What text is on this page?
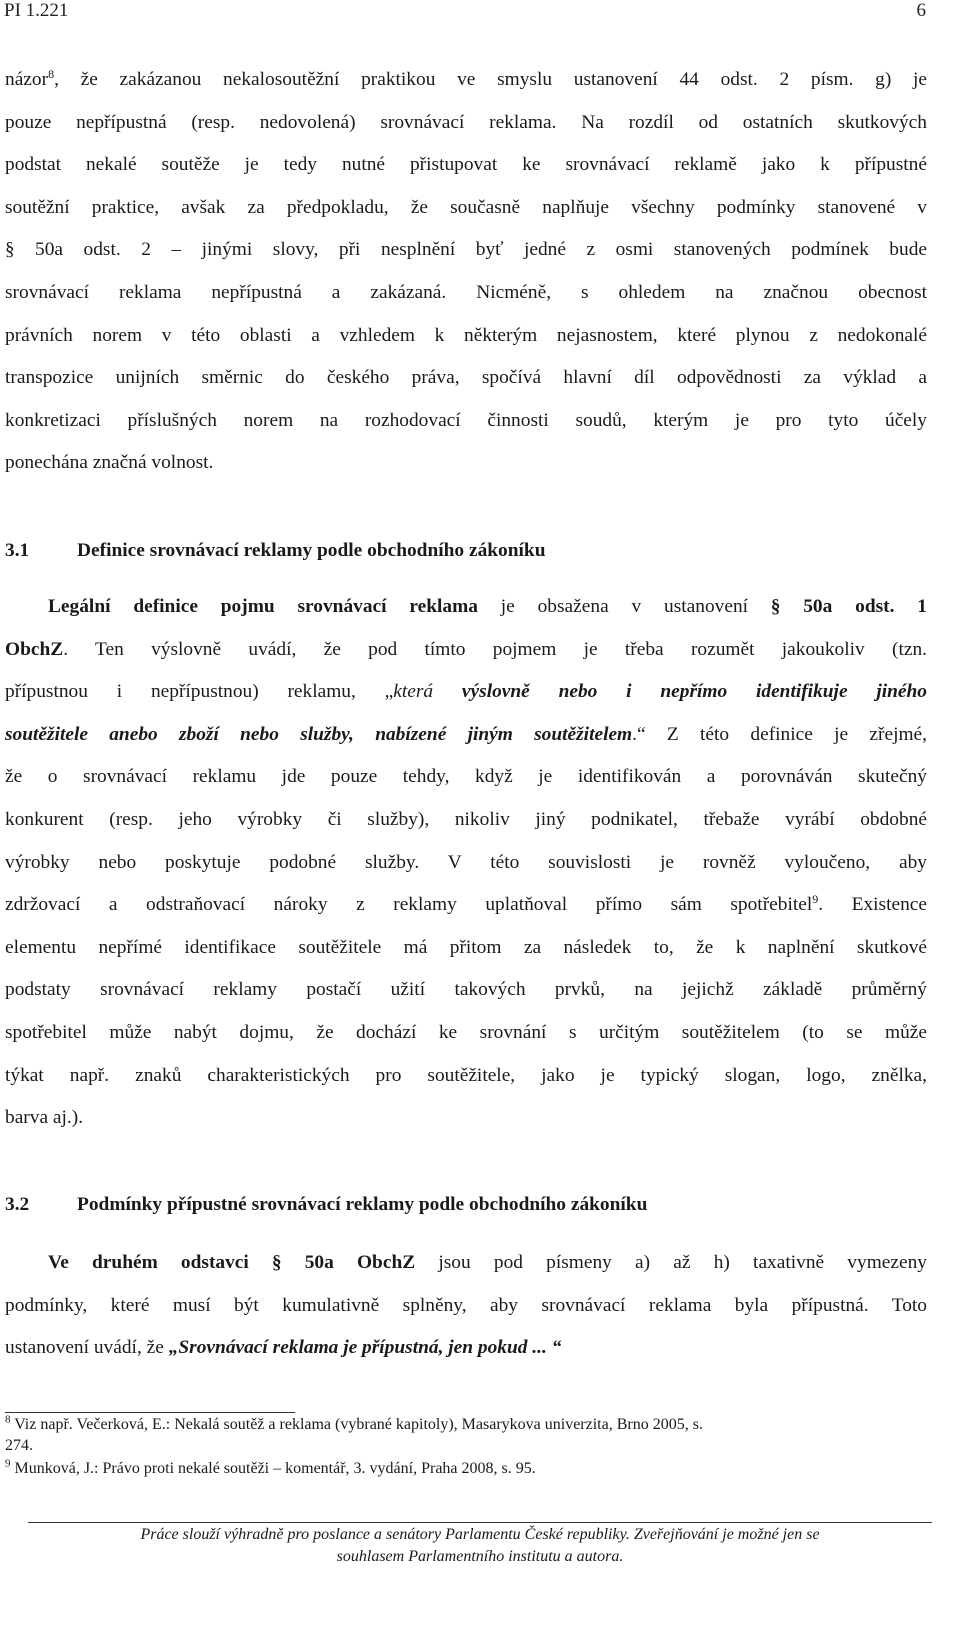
PI 1.221	6
názor$^8$, že zakázanou nekalosoutěžní praktikou ve smyslu ustanovení 44 odst. 2 písm. g) je
pouze nepřípustná (resp. nedovolená) srovnávací reklama. Na rozdíl od ostatních skutkových
podstat nekalé soutěže je tedy nutné přistupovat ke srovnávací reklamě jako k přípustné
soutěžní praktice, avšak za předpokladu, že současně naplňuje všechny podmínky stanovené v
§ 50a odst. 2 – jinými slovy, při nesplnění byť jedné z osmi stanovených podmínek bude
srovnávací reklama nepřípustná a zakázaná. Nicméně, s ohledem na značnou obecnost
právních norem v této oblasti a vzhledem k některým nejasnostem, které plynou z nedokonalé
transpozice unijních směrnic do českého práva, spočívá hlavní díl odpovědnosti za výklad a
konkretizaci příslušných norem na rozhodovací činnosti soudů, kterým je pro tyto účely
ponechána značná volnost.
3.1 Definice srovnávací reklamy podle obchodního zákoníku
Legální definice pojmu srovnávací reklama je obsažena v ustanovení § 50a odst. 1
ObchZ. Ten výslovně uvádí, že pod tímto pojmem je třeba rozumět jakoukoliv (tzn.
přípustnou i nepřípustnou) reklamu, „která výslovně nebo i nepřímo identifikuje jiného
soutěžitele anebo zboží nebo služby, nabízené jiným soutěžitelem.“ Z této definice je zřejmé,
že o srovnávací reklamu jde pouze tehdy, když je identifikován a porovnáván skutečný
konkurent (resp. jeho výrobky či služby), nikoliv jiný podnikatel, třebaže vyrábí obdobné
výrobky nebo poskytuje podobné služby. V této souvislosti je rovněž vyloučeno, aby
zdržovací a odstraňovací nároky z reklamy uplatňoval přímo sám spotřebitel$^9$. Existence
elementu nepřímé identifikace soutěžitele má přitom za následek to, že k naplnění skutkové
podstaty srovnávací reklamy postačí užití takových prvků, na jejichž základě průměrný
spotřebitel může nabýt dojmu, že dochází ke srovnání s určitým soutěžitelem (to se může
týkat např. znaků charakteristických pro soutěžitele, jako je typický slogan, logo, znělka,
barva aj.).
3.2 Podmínky přípustné srovnávací reklamy podle obchodního zákoníku
Ve druhém odstavci § 50a ObchZ jsou pod písmeny a) až h) taxativně vymezeny
podmínky, které musí být kumulativně splněny, aby srovnávací reklama byla přípustná. Toto
ustanovení uvádí, že „Srovnávací reklama je přípustná, jen pokud ... “
$^8$ Viz např. Večerková, E.: Nekalá soutěž a reklama (vybrané kapitoly), Masarykova univerzita, Brno 2005, s.
274.
$^9$ Munková, J.: Právo proti nekalé soutěži – komentář, 3. vydání, Praha 2008, s. 95.
Práce slouží výhradně pro poslance a senátory Parlamentu České republiky. Zveřejňování je možné jen se
souhlasem Parlamentního institutu a autora.
